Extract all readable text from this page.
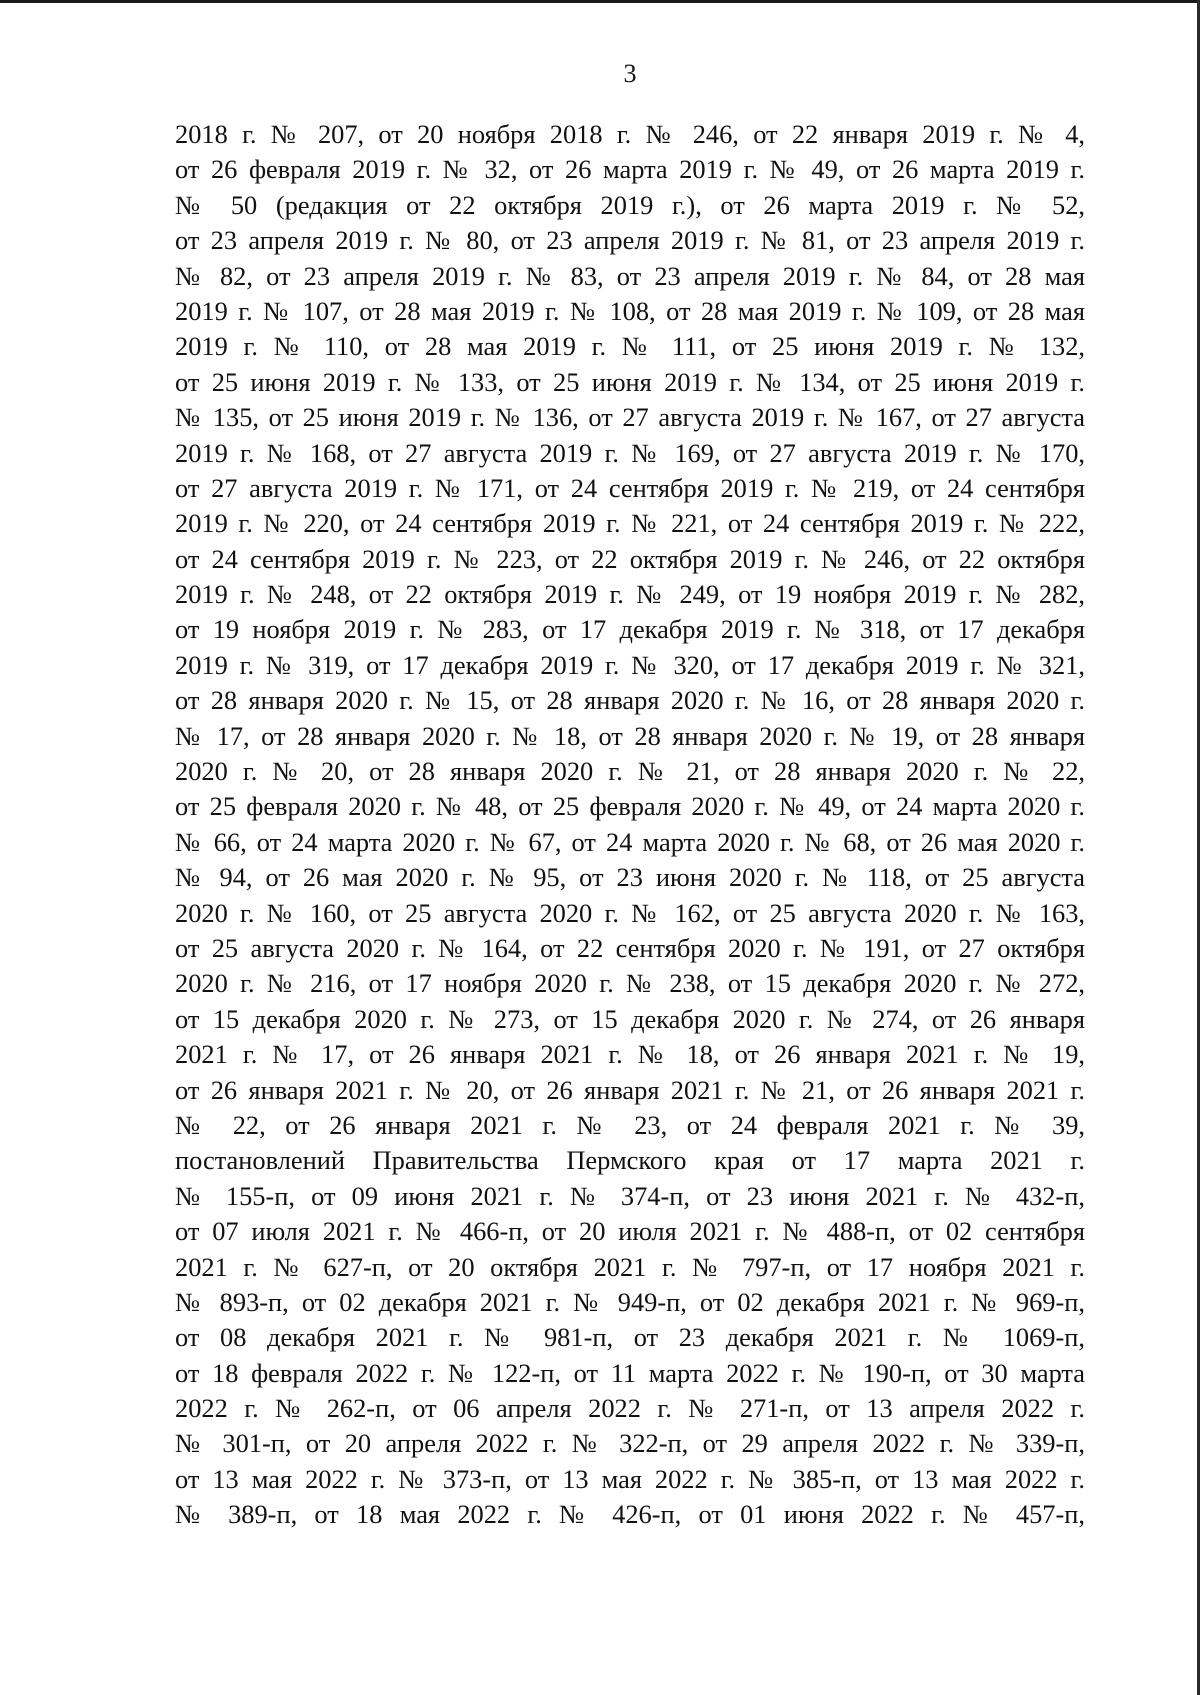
3
2018 г. № 207, от 20 ноября 2018 г. № 246, от 22 января 2019 г. № 4,
от 26 февраля 2019 г. № 32, от 26 марта 2019 г. № 49, от 26 марта 2019 г.
№ 50 (редакция от 22 октября 2019 г.), от 26 марта 2019 г. № 52,
от 23 апреля 2019 г. № 80, от 23 апреля 2019 г. № 81, от 23 апреля 2019 г.
№ 82, от 23 апреля 2019 г. № 83, от 23 апреля 2019 г. № 84, от 28 мая
2019 г. № 107, от 28 мая 2019 г. № 108, от 28 мая 2019 г. № 109, от 28 мая
2019 г. № 110, от 28 мая 2019 г. № 111, от 25 июня 2019 г. № 132,
от 25 июня 2019 г. № 133, от 25 июня 2019 г. № 134, от 25 июня 2019 г.
№ 135, от 25 июня 2019 г. № 136, от 27 августа 2019 г. № 167, от 27 августа
2019 г. № 168, от 27 августа 2019 г. № 169, от 27 августа 2019 г. № 170,
от 27 августа 2019 г. № 171, от 24 сентября 2019 г. № 219, от 24 сентября
2019 г. № 220, от 24 сентября 2019 г. № 221, от 24 сентября 2019 г. № 222,
от 24 сентября 2019 г. № 223, от 22 октября 2019 г. № 246, от 22 октября
2019 г. № 248, от 22 октября 2019 г. № 249, от 19 ноября 2019 г. № 282,
от 19 ноября 2019 г. № 283, от 17 декабря 2019 г. № 318, от 17 декабря
2019 г. № 319, от 17 декабря 2019 г. № 320, от 17 декабря 2019 г. № 321,
от 28 января 2020 г. № 15, от 28 января 2020 г. № 16, от 28 января 2020 г.
№ 17, от 28 января 2020 г. № 18, от 28 января 2020 г. № 19, от 28 января
2020 г. № 20, от 28 января 2020 г. № 21, от 28 января 2020 г. № 22,
от 25 февраля 2020 г. № 48, от 25 февраля 2020 г. № 49, от 24 марта 2020 г.
№ 66, от 24 марта 2020 г. № 67, от 24 марта 2020 г. № 68, от 26 мая 2020 г.
№ 94, от 26 мая 2020 г. № 95, от 23 июня 2020 г. № 118, от 25 августа
2020 г. № 160, от 25 августа 2020 г. № 162, от 25 августа 2020 г. № 163,
от 25 августа 2020 г. № 164, от 22 сентября 2020 г. № 191, от 27 октября
2020 г. № 216, от 17 ноября 2020 г. № 238, от 15 декабря 2020 г. № 272,
от 15 декабря 2020 г. № 273, от 15 декабря 2020 г. № 274, от 26 января
2021 г. № 17, от 26 января 2021 г. № 18, от 26 января 2021 г. № 19,
от 26 января 2021 г. № 20, от 26 января 2021 г. № 21, от 26 января 2021 г.
№ 22, от 26 января 2021 г. № 23, от 24 февраля 2021 г. № 39,
постановлений Правительства Пермского края от 17 марта 2021 г.
№ 155-п, от 09 июня 2021 г. № 374-п, от 23 июня 2021 г. № 432-п,
от 07 июля 2021 г. № 466-п, от 20 июля 2021 г. № 488-п, от 02 сентября
2021 г. № 627-п, от 20 октября 2021 г. № 797-п, от 17 ноября 2021 г.
№ 893-п, от 02 декабря 2021 г. № 949-п, от 02 декабря 2021 г. № 969-п,
от 08 декабря 2021 г. № 981-п, от 23 декабря 2021 г. № 1069-п,
от 18 февраля 2022 г. № 122-п, от 11 марта 2022 г. № 190-п, от 30 марта
2022 г. № 262-п, от 06 апреля 2022 г. № 271-п, от 13 апреля 2022 г.
№ 301-п, от 20 апреля 2022 г. № 322-п, от 29 апреля 2022 г. № 339-п,
от 13 мая 2022 г. № 373-п, от 13 мая 2022 г. № 385-п, от 13 мая 2022 г.
№ 389-п, от 18 мая 2022 г. № 426-п, от 01 июня 2022 г. № 457-п,
